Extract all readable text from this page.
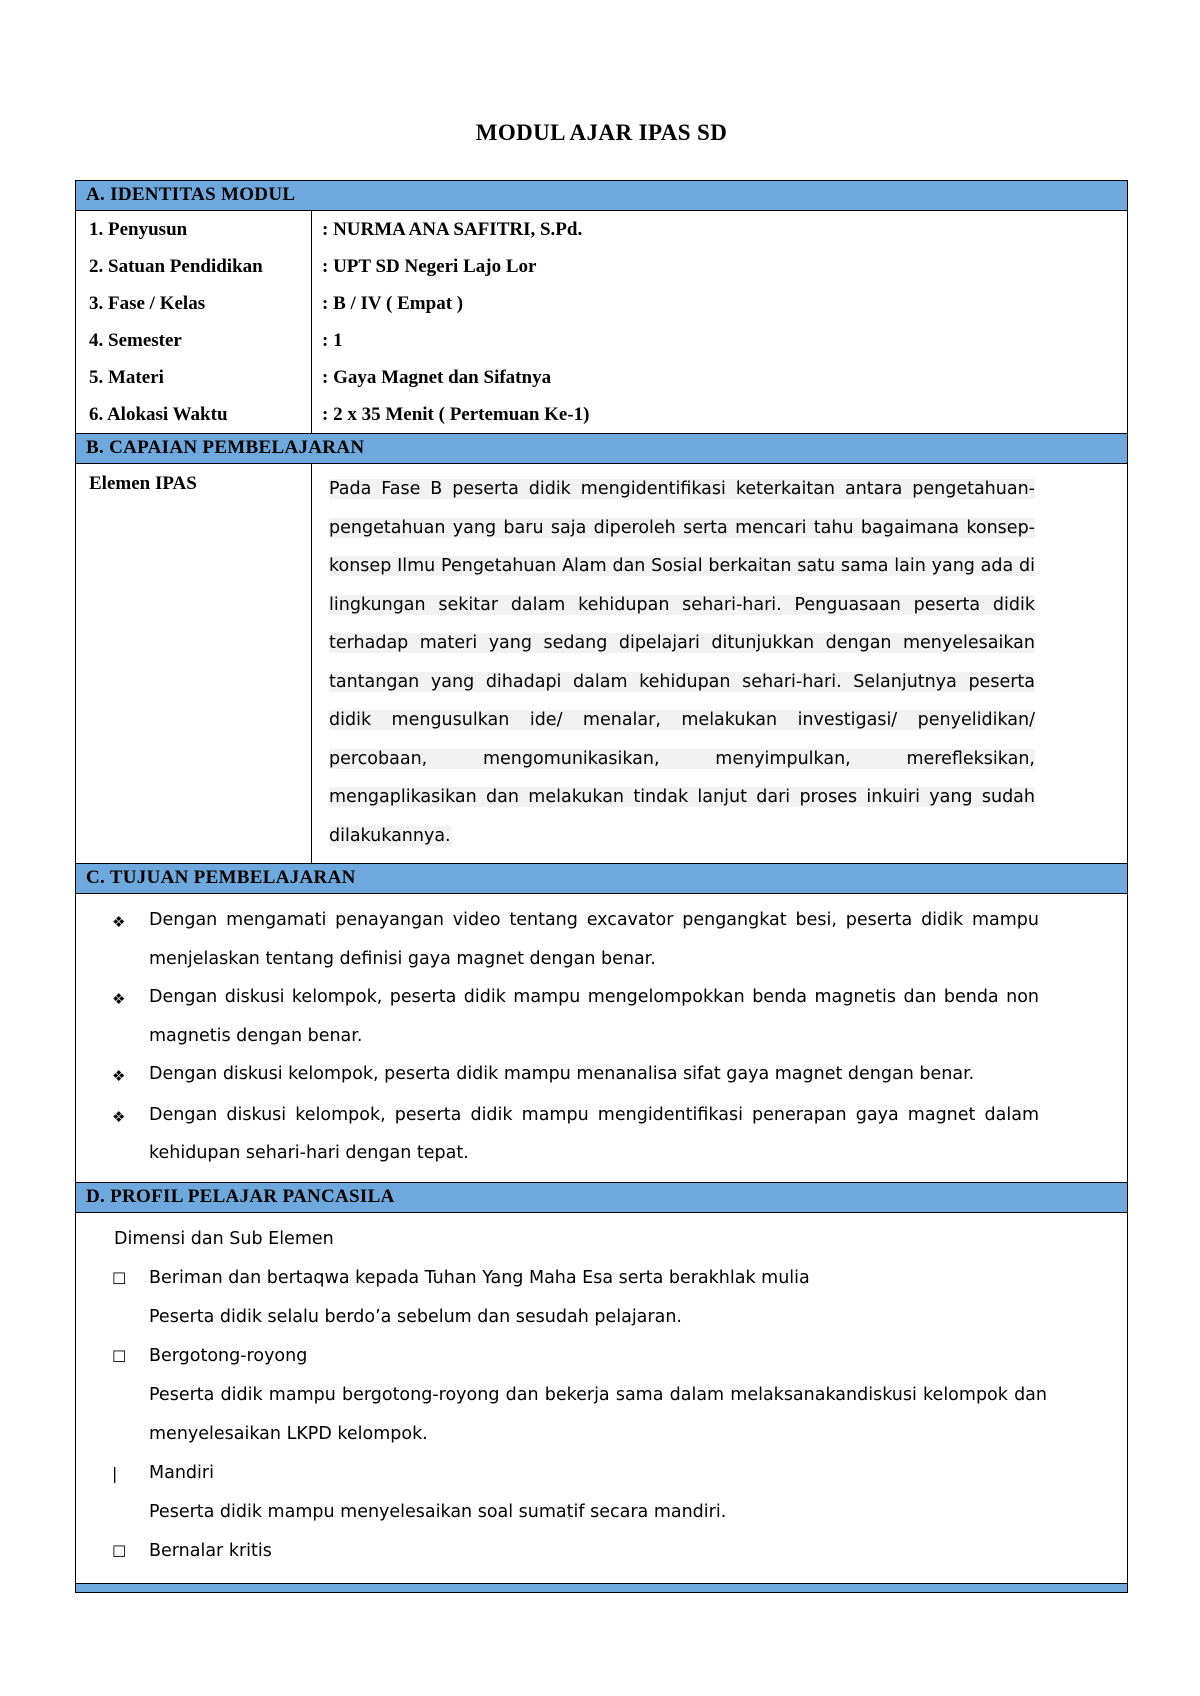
MODUL AJAR IPAS SD
A. IDENTITAS MODUL
1. Penyusun	: NURMA ANA SAFITRI, S.Pd.
2. Satuan Pendidikan	: UPT SD Negeri Lajo Lor
3. Fase / Kelas	: B / IV ( Empat )
4. Semester	: 1
5. Materi	: Gaya Magnet dan Sifatnya
6. Alokasi Waktu	: 2 x 35 Menit ( Pertemuan Ke-1)
B. CAPAIAN PEMBELAJARAN
Elemen IPAS	Pada Fase B peserta didik mengidentifikasi keterkaitan antara pengetahuan-pengetahuan yang baru saja diperoleh serta mencari tahu bagaimana konsep-konsep Ilmu Pengetahuan Alam dan Sosial berkaitan satu sama lain yang ada di lingkungan sekitar dalam kehidupan sehari-hari. Penguasaan peserta didik terhadap materi yang sedang dipelajari ditunjukkan dengan menyelesaikan tantangan yang dihadapi dalam kehidupan sehari-hari. Selanjutnya peserta didik mengusulkan ide/ menalar, melakukan investigasi/ penyelidikan/ percobaan, mengomunikasikan, menyimpulkan, merefleksikan, mengaplikasikan dan melakukan tindak lanjut dari proses inkuiri yang sudah dilakukannya.
C. TUJUAN PEMBELAJARAN
❖	Dengan mengamati penayangan video tentang excavator pengangkat besi, peserta didik mampu menjelaskan tentang definisi gaya magnet dengan benar.
❖	Dengan diskusi kelompok, peserta didik mampu mengelompokkan benda magnetis dan benda non magnetis dengan benar.
❖	Dengan diskusi kelompok, peserta didik mampu menanalisa sifat gaya magnet dengan benar.
❖	Dengan diskusi kelompok, peserta didik mampu mengidentifikasi penerapan gaya magnet dalam kehidupan sehari-hari dengan tepat.
D. PROFIL PELAJAR PANCASILA
Dimensi dan Sub Elemen
☐	Beriman dan bertaqwa kepada Tuhan Yang Maha Esa serta berakhlak mulia
Peserta didik selalu berdo’a sebelum dan sesudah pelajaran.
☐	Bergotong-royong
Peserta didik mampu bergotong-royong dan bekerja sama dalam melaksanakandiskusi kelompok dan menyelesaikan LKPD kelompok.
|	Mandiri
Peserta didik mampu menyelesaikan soal sumatif secara mandiri.
☐	Bernalar kritis
